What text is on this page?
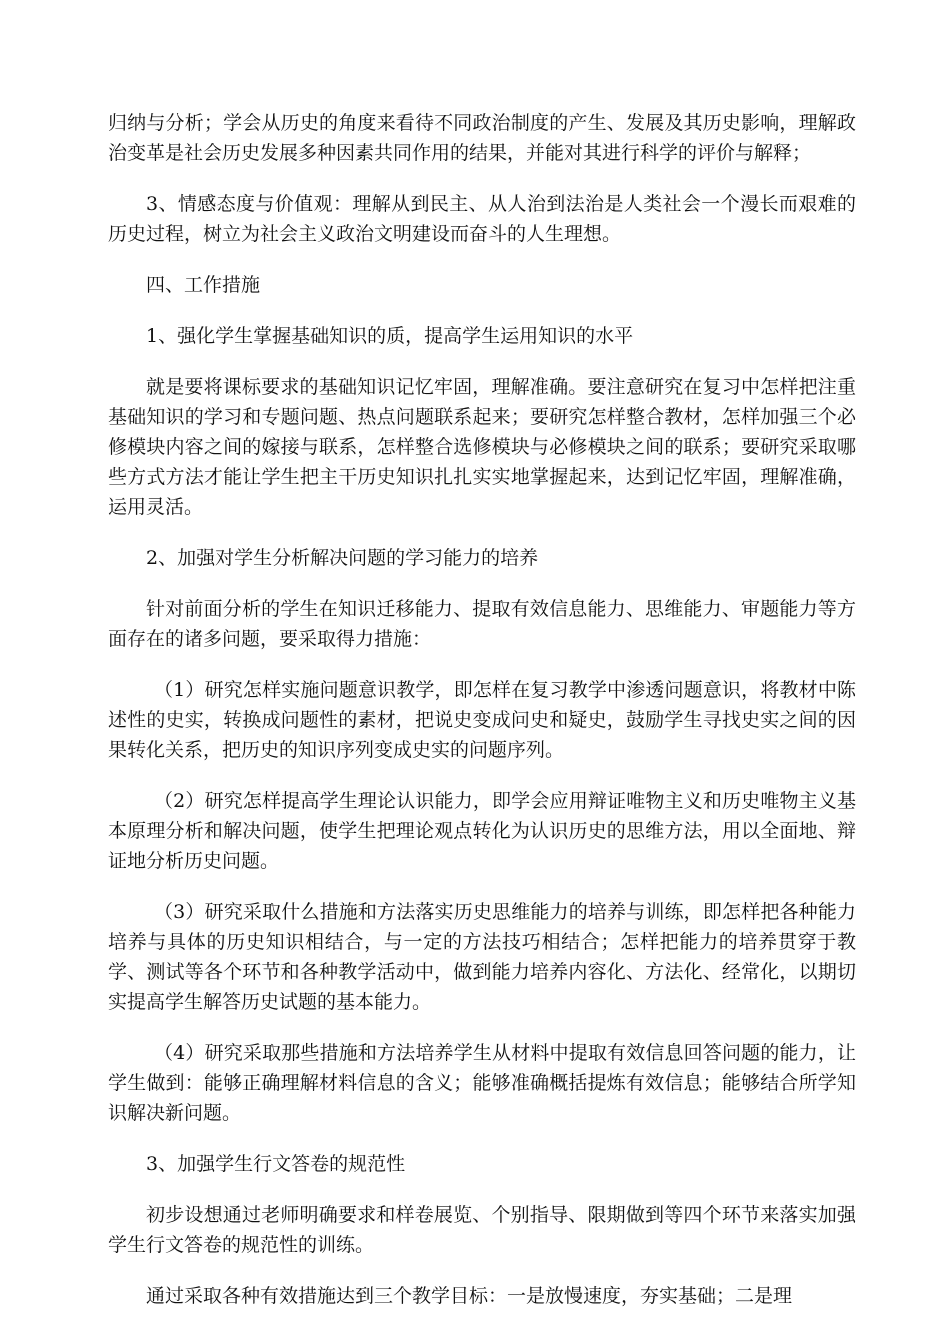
归纳与分析；学会从历史的角度来看待不同政治制度的产生、发展及其历史影响，理解政治变革是社会历史发展多种因素共同作用的结果，并能对其进行科学的评价与解释；

3、情感态度与价值观：理解从到民主、从人治到法治是人类社会一个漫长而艰难的历史过程，树立为社会主义政治文明建设而奋斗的人生理想。

四、工作措施

1、强化学生掌握基础知识的质，提高学生运用知识的水平

就是要将课标要求的基础知识记忆牢固，理解准确。要注意研究在复习中怎样把注重基础知识的学习和专题问题、热点问题联系起来；要研究怎样整合教材，怎样加强三个必修模块内容之间的嫁接与联系，怎样整合选修模块与必修模块之间的联系；要研究采取哪些方式方法才能让学生把主干历史知识扎扎实实地掌握起来，达到记忆牢固，理解准确，运用灵活。

2、加强对学生分析解决问题的学习能力的培养

针对前面分析的学生在知识迁移能力、提取有效信息能力、思维能力、审题能力等方面存在的诸多问题，要采取得力措施：

（1）研究怎样实施问题意识教学，即怎样在复习教学中渗透问题意识，将教材中陈述性的史实，转换成问题性的素材，把说史变成问史和疑史，鼓励学生寻找史实之间的因果转化关系，把历史的知识序列变成史实的问题序列。

（2）研究怎样提高学生理论认识能力，即学会应用辩证唯物主义和历史唯物主义基本原理分析和解决问题，使学生把理论观点转化为认识历史的思维方法，用以全面地、辩证地分析历史问题。

（3）研究采取什么措施和方法落实历史思维能力的培养与训练，即怎样把各种能力培养与具体的历史知识相结合，与一定的方法技巧相结合；怎样把能力的培养贯穿于教学、测试等各个环节和各种教学活动中，做到能力培养内容化、方法化、经常化，以期切实提高学生解答历史试题的基本能力。

（4）研究采取那些措施和方法培养学生从材料中提取有效信息回答问题的能力，让学生做到：能够正确理解材料信息的含义；能够准确概括提炼有效信息；能够结合所学知识解决新问题。

3、加强学生行文答卷的规范性

初步设想通过老师明确要求和样卷展览、个别指导、限期做到等四个环节来落实加强学生行文答卷的规范性的训练。

通过采取各种有效措施达到三个教学目标：一是放慢速度，夯实基础；二是理
